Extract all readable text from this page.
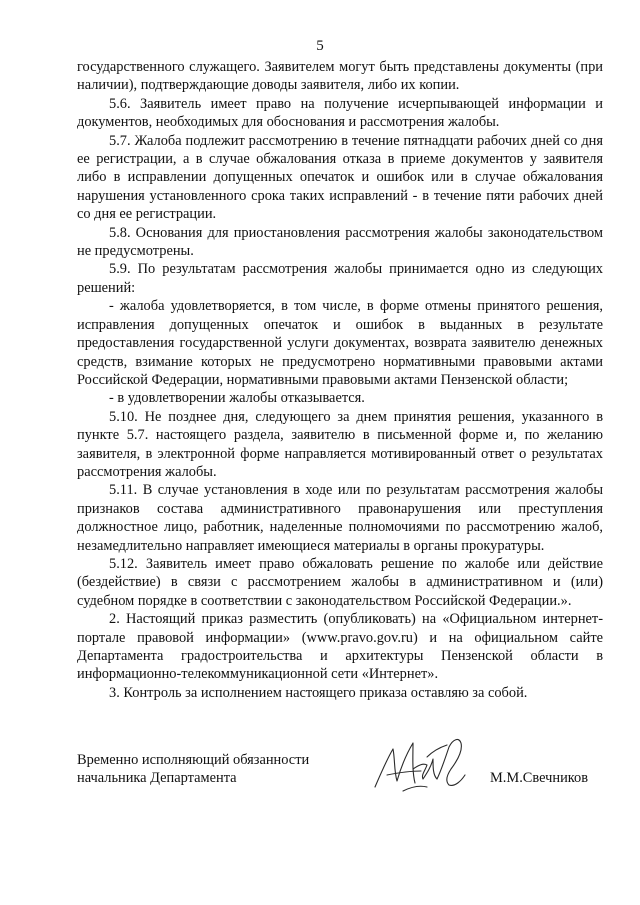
5

государственного служащего. Заявителем могут быть представлены документы (при наличии), подтверждающие доводы заявителя, либо их копии.

5.6. Заявитель имеет право на получение исчерпывающей информации и документов, необходимых для обоснования и рассмотрения жалобы.

5.7. Жалоба подлежит рассмотрению в течение пятнадцати рабочих дней со дня ее регистрации, а в случае обжалования отказа в приеме документов у заявителя либо в исправлении допущенных опечаток и ошибок или в случае обжалования нарушения установленного срока таких исправлений - в течение пяти рабочих дней со дня ее регистрации.

5.8. Основания для приостановления рассмотрения жалобы законодательством не предусмотрены.

5.9. По результатам рассмотрения жалобы принимается одно из следующих решений:

- жалоба удовлетворяется, в том числе, в форме отмены принятого решения, исправления допущенных опечаток и ошибок в выданных в результате предоставления государственной услуги документах, возврата заявителю денежных средств, взимание которых не предусмотрено нормативными правовыми актами Российской Федерации, нормативными правовыми актами Пензенской области;

- в удовлетворении жалобы отказывается.

5.10. Не позднее дня, следующего за днем принятия решения, указанного в пункте 5.7. настоящего раздела, заявителю в письменной форме и, по желанию заявителя, в электронной форме направляется мотивированный ответ о результатах рассмотрения жалобы.

5.11. В случае установления в ходе или по результатам рассмотрения жалобы признаков состава административного правонарушения или преступления должностное лицо, работник, наделенные полномочиями по рассмотрению жалоб, незамедлительно направляет имеющиеся материалы в органы прокуратуры.

5.12. Заявитель имеет право обжаловать решение по жалобе или действие (бездействие) в связи с рассмотрением жалобы в административном и (или) судебном порядке в соответствии с законодательством Российской Федерации.».

2. Настоящий приказ разместить (опубликовать) на «Официальном интернет-портале правовой информации» (www.pravo.gov.ru) и на официальном сайте Департамента градостроительства и архитектуры Пензенской области в информационно-телекоммуникационной сети «Интернет».

3. Контроль за исполнением настоящего приказа оставляю за собой.

Временно исполняющий обязанности
начальника Департамента	М.М.Свечников
